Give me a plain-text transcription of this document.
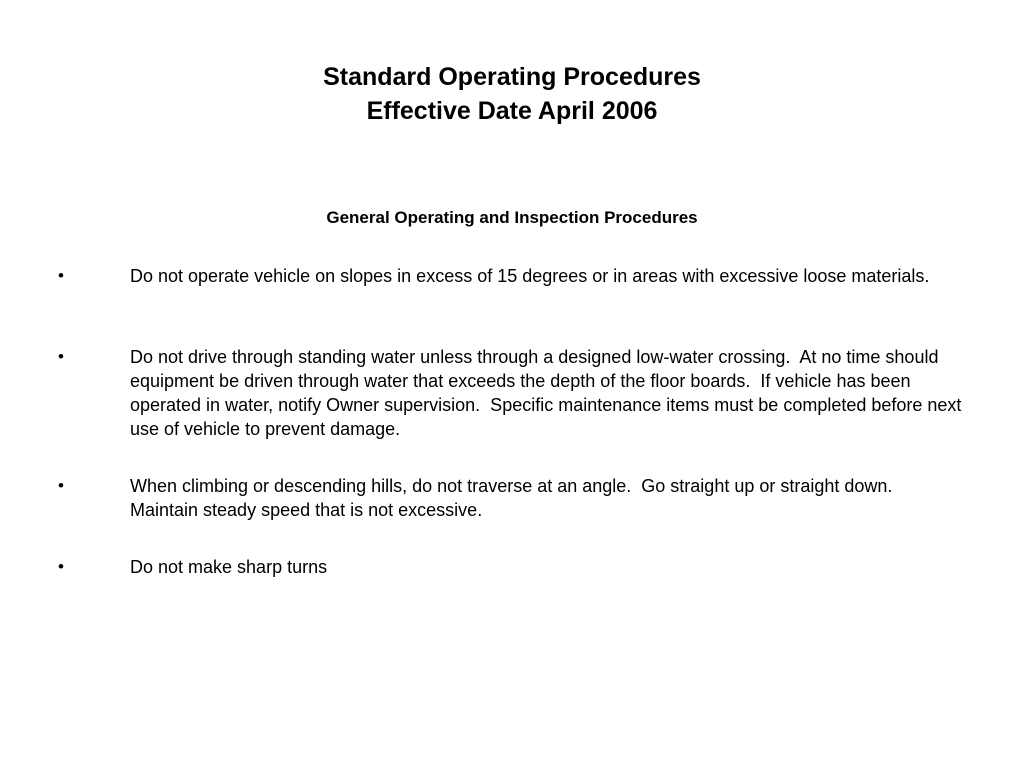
Standard Operating Procedures
Effective Date April 2006
General Operating and Inspection Procedures
•	Do not operate vehicle on slopes in excess of 15 degrees or in areas with excessive loose materials.
•	Do not drive through standing water unless through a designed low-water crossing.  At no time should equipment be driven through water that exceeds the depth of the floor boards.  If vehicle has been operated in water, notify Owner supervision.  Specific maintenance items must be completed before next use of vehicle to prevent damage.
•	When climbing or descending hills, do not traverse at an angle.  Go straight up or straight down.  Maintain steady speed that is not excessive.
•	Do not make sharp turns
